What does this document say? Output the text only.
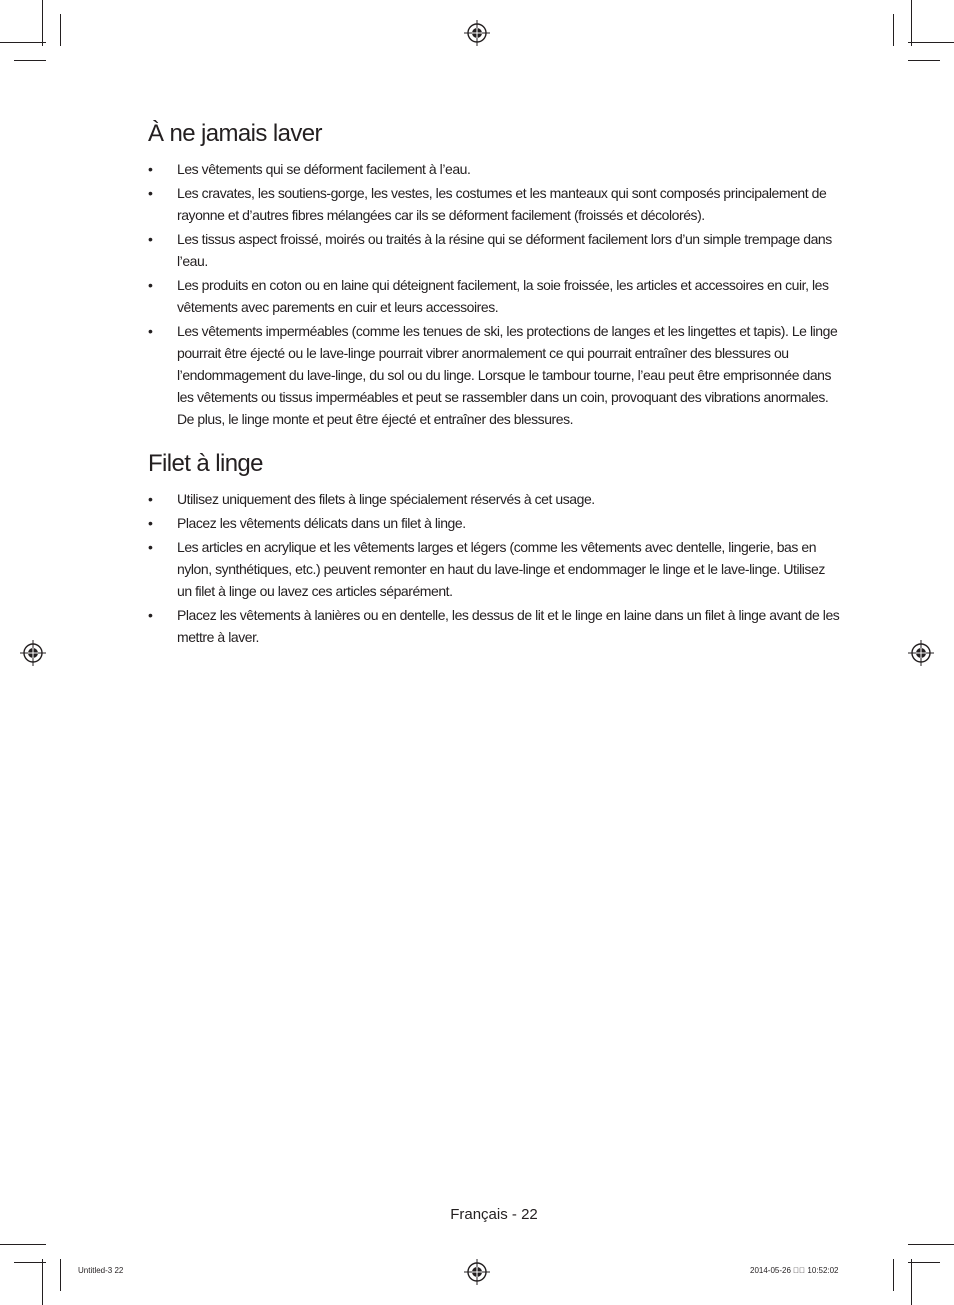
À ne jamais laver
•	Les vêtements qui se déforment facilement à l’eau.
•	Les cravates, les soutiens-gorge, les vestes, les costumes et les manteaux qui sont composés principalement de rayonne et d’autres fibres mélangées car ils se déforment facilement (froissés et décolorés).
•	Les tissus aspect froissé, moirés ou traités à la résine qui se déforment facilement lors d’un simple trempage dans l’eau.
•	Les produits en coton ou en laine qui déteignent facilement, la soie froissée, les articles et accessoires en cuir, les vêtements avec parements en cuir et leurs accessoires.
•	Les vêtements imperméables (comme les tenues de ski, les protections de langes et les lingettes et tapis). Le linge pourrait être éjecté ou le lave-linge pourrait vibrer anormalement ce qui pourrait entraîner des blessures ou l’endommagement du lave-linge, du sol ou du linge. Lorsque le tambour tourne, l’eau peut être emprisonnée dans les vêtements ou tissus imperméables et peut se rassembler dans un coin, provoquant des vibrations anormales. De plus, le linge monte et peut être éjecté et entraîner des blessures.
Filet à linge
•	Utilisez uniquement des filets à linge spécialement réservés à cet usage.
•	Placez les vêtements délicats dans un filet à linge.
•	Les articles en acrylique et les vêtements larges et légers (comme les vêtements avec dentelle, lingerie, bas en nylon, synthétiques, etc.) peuvent remonter en haut du lave-linge et endommager le linge et le lave-linge. Utilisez un filet à linge ou lavez ces articles séparément.
•	Placez les vêtements à lanières ou en dentelle, les dessus de lit et le linge en laine dans un filet à linge avant de les mettre à laver.
Français - 22
Untitled-3 22	2014-05-26 ￿￿ 10:52:02
